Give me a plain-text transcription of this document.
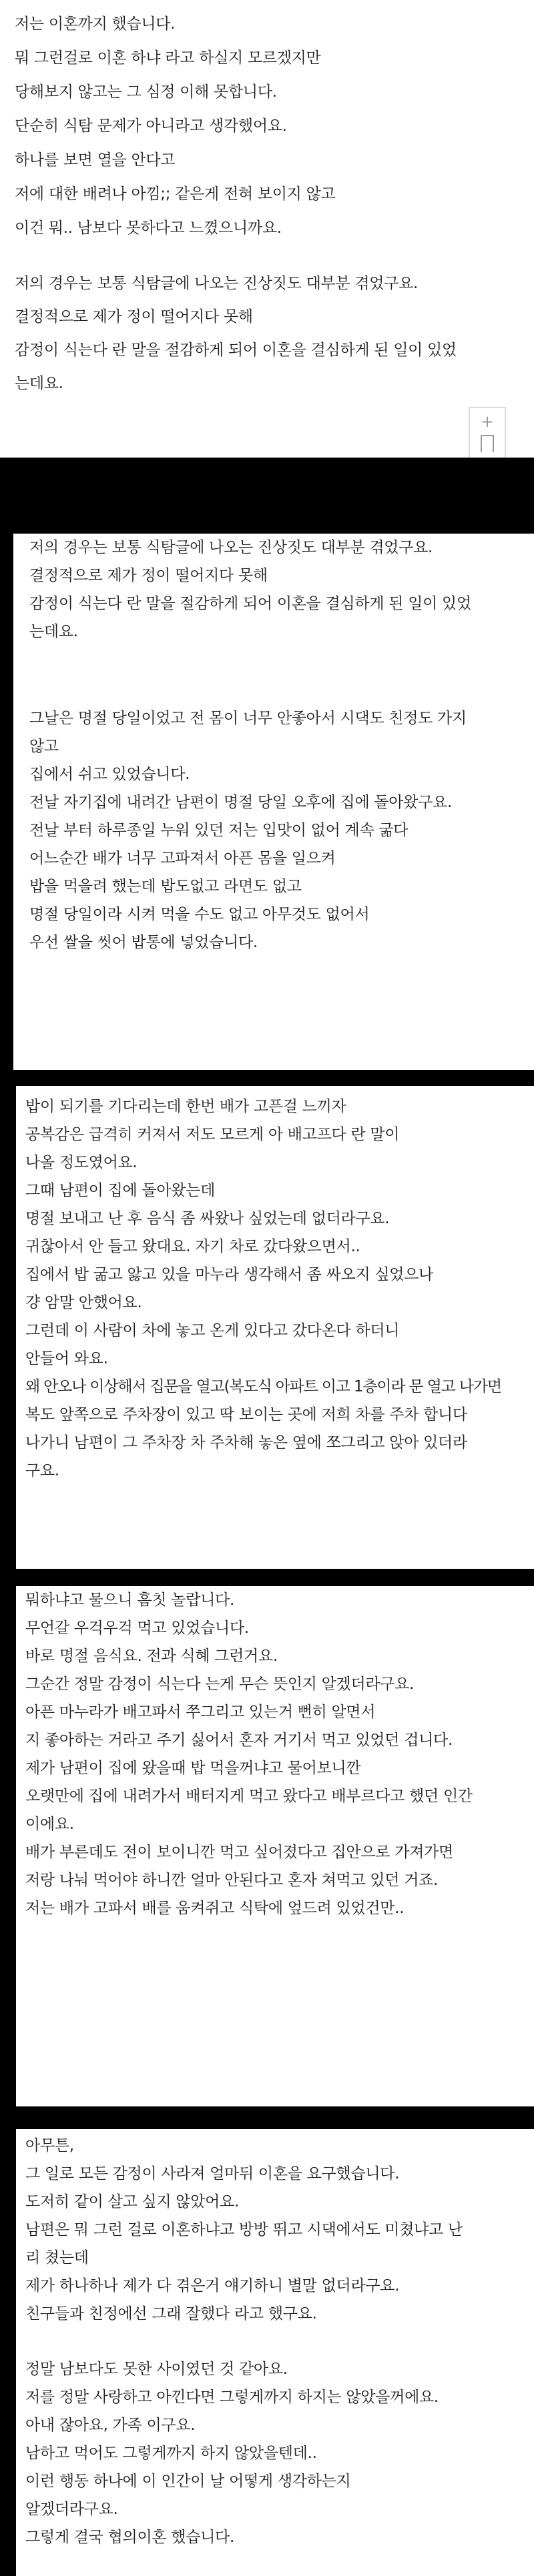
저는 이혼까지 했습니다.
뭐 그런걸로 이혼 하냐 라고 하실지 모르겠지만
당해보지 않고는 그 심정 이해 못합니다.
단순히 식탐 문제가 아니라고 생각했어요.
하나를 보면 열을 안다고
저에 대한 배려나 아낌;; 같은게 전혀 보이지 않고
이건 뭐.. 남보다 못하다고 느꼈으니까요.
저의 경우는 보통 식탐글에 나오는 진상짓도 대부분 겪었구요.
결정적으로 제가 정이 떨어지다 못해
감정이 식는다 란 말을 절감하게 되어 이혼을 결심하게 된 일이 있었
는데요.
+
저의 경우는 보통 식탐글에 나오는 진상짓도 대부분 겪었구요.
결정적으로 제가 정이 떨어지다 못해
감정이 식는다 란 말을 절감하게 되어 이혼을 결심하게 된 일이 있었
는데요.
그날은 명절 당일이었고 전 몸이 너무 안좋아서 시댁도 친정도 가지
않고
집에서 쉬고 있었습니다.
전날 자기집에 내려간 남편이 명절 당일 오후에 집에 돌아왔구요.
전날 부터 하루종일 누워 있던 저는 입맛이 없어 계속 굶다
어느순간 배가 너무 고파져서 아픈 몸을 일으켜
밥을 먹을려 했는데 밥도없고 라면도 없고
명절 당일이라 시켜 먹을 수도 없고 아무것도 없어서
우선 쌀을 씻어 밥통에 넣었습니다.
밥이 되기를 기다리는데 한번 배가 고픈걸 느끼자
공복감은 급격히 커져서 저도 모르게 아 배고프다 란 말이
나올 정도였어요.
그때 남편이 집에 돌아왔는데
명절 보내고 난 후 음식 좀 싸왔나 싶었는데 없더라구요.
귀찮아서 안 들고 왔대요. 자기 차로 갔다왔으면서..
집에서 밥 굶고 앓고 있을 마누라 생각해서 좀 싸오지 싶었으나
걍 암말 안했어요.
그런데 이 사람이 차에 놓고 온게 있다고 갔다온다 하더니
안들어 와요.
왜 안오나 이상해서 집문을 열고(복도식 아파트 이고 1층이라 문 열고 나가면
복도 앞쪽으로 주차장이 있고 딱 보이는 곳에 저희 차를 주차 합니다
나가니 남편이 그 주차장 차 주차해 놓은 옆에 쪼그리고 앉아 있더라
구요.
뭐하냐고 물으니 흠칫 놀랍니다.
무언갈 우걱우걱 먹고 있었습니다.
바로 명절 음식요. 전과 식혜 그런거요.
그순간 정말 감정이 식는다 는게 무슨 뜻인지 알겠더라구요.
아픈 마누라가 배고파서 쭈그리고 있는거 뻔히 알면서
지 좋아하는 거라고 주기 싫어서 혼자 거기서 먹고 있었던 겁니다.
제가 남편이 집에 왔을때 밥 먹을꺼냐고 물어보니깐
오랫만에 집에 내려가서 배터지게 먹고 왔다고 배부르다고 했던 인간
이에요.
배가 부른데도 전이 보이니깐 먹고 싶어졌다고 집안으로 가져가면
저랑 나눠 먹어야 하니깐 얼마 안된다고 혼자 쳐먹고 있던 거죠.
저는 배가 고파서 배를 움켜쥐고 식탁에 엎드려 있었건만..
아무튼,
그 일로 모든 감정이 사라져 얼마뒤 이혼을 요구했습니다.
도저히 같이 살고 싶지 않았어요.
남편은 뭐 그런 걸로 이혼하냐고 방방 뛰고 시댁에서도 미쳤냐고 난
리 쳤는데
제가 하나하나 제가 다 겪은거 얘기하니 별말 없더라구요.
친구들과 친정에선 그래 잘했다 라고 했구요.
정말 남보다도 못한 사이였던 것 같아요.
저를 정말 사랑하고 아낀다면 그렇게까지 하지는 않았을꺼에요.
아내 잖아요, 가족 이구요.
남하고 먹어도 그렇게까지 하지 않았을텐데..
이런 행동 하나에 이 인간이 날 어떻게 생각하는지
알겠더라구요.
그렇게 결국 협의이혼 했습니다.
